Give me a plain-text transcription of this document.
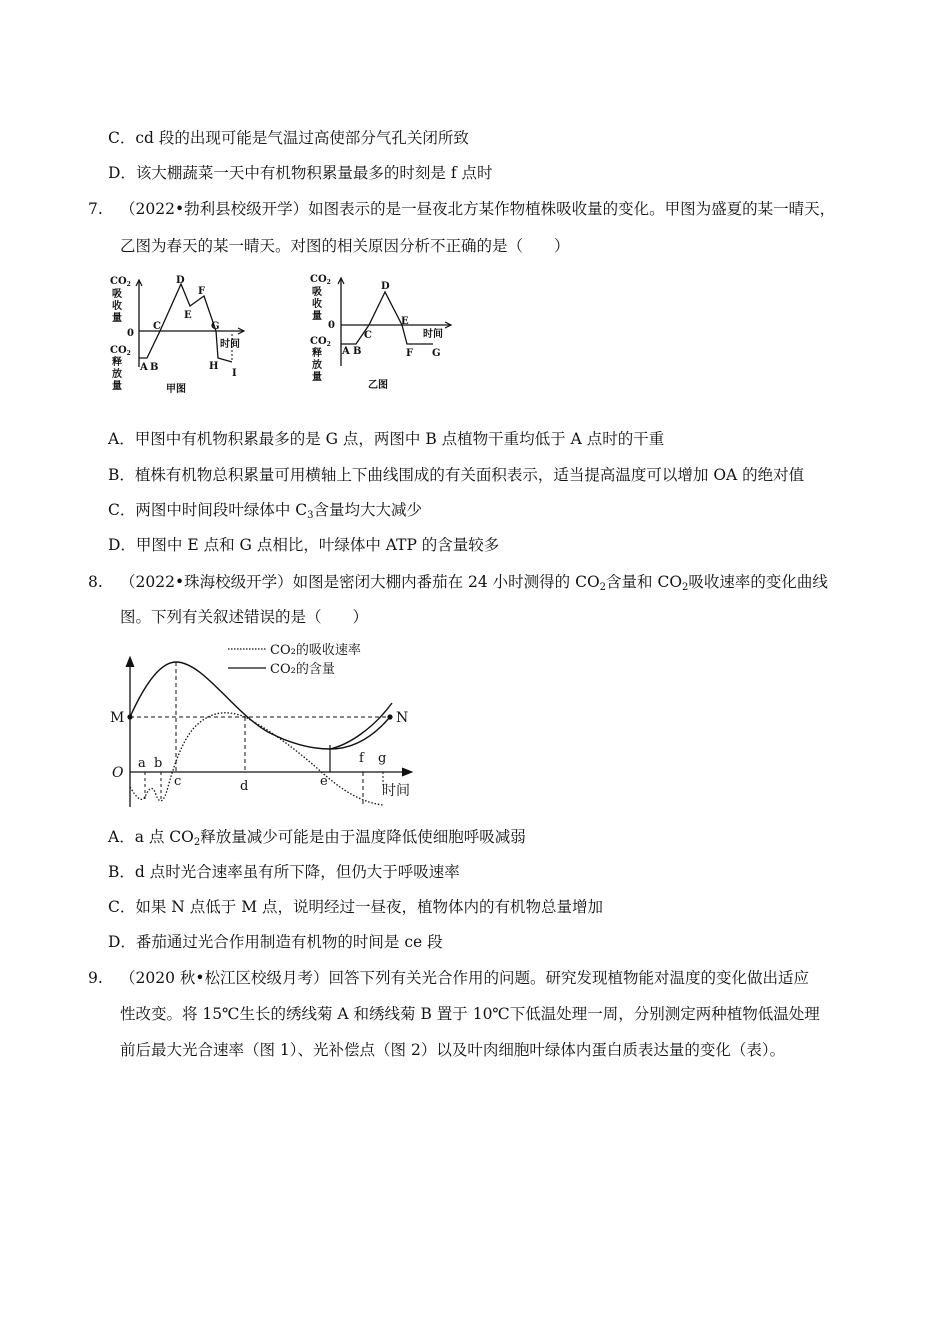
C．cd 段的出现可能是气温过高使部分气孔关闭所致
D．该大棚蔬菜一天中有机物积累量最多的时刻是 f 点时
7. （2022•勃利县校级开学）如图表示的是一昼夜北方某作物植株吸收量的变化。甲图为盛夏的某一晴天，
乙图为春天的某一晴天。对图的相关原因分析不正确的是（　　）
$CO_2$
吸
收
量
0
$CO_2$
释
放
量
A B
C
D
E
F
G
H
I
时间
甲图
$CO_2$
吸
收
量
0
$CO_2$
释
放
量
A B
C
D
E
F G
时间
乙图
A．甲图中有机物积累最多的是 G 点，两图中 B 点植物干重均低于 A 点时的干重
B．植株有机物总积累量可用横轴上下曲线围成的有关面积表示，适当提高温度可以增加 OA 的绝对值
C．两图中时间段叶绿体中 $C_3$含量均大大减少
D．甲图中 E 点和 G 点相比，叶绿体中 ATP 的含量较多
8. （2022•珠海校级开学）如图是密闭大棚内番茄在 24 小时测得的 $CO_2$含量和 $CO_2$吸收速率的变化曲线
图。下列有关叙述错误的是（　　）
CO₂的吸收速率
CO₂的含量
M	N
O
a b
c	d	e
f g
时间
A．a 点 $CO_2$释放量减少可能是由于温度降低使细胞呼吸减弱
B．d 点时光合速率虽有所下降，但仍大于呼吸速率
C．如果 N 点低于 M 点，说明经过一昼夜，植物体内的有机物总量增加
D．番茄通过光合作用制造有机物的时间是 ce 段
9. （2020 秋•松江区校级月考）回答下列有关光合作用的问题。研究发现植物能对温度的变化做出适应
性改变。将 15℃生长的绣线菊 A 和绣线菊 B 置于 10℃下低温处理一周，分别测定两种植物低温处理
前后最大光合速率（图 1）、光补偿点（图 2）以及叶肉细胞叶绿体内蛋白质表达量的变化（表）。
